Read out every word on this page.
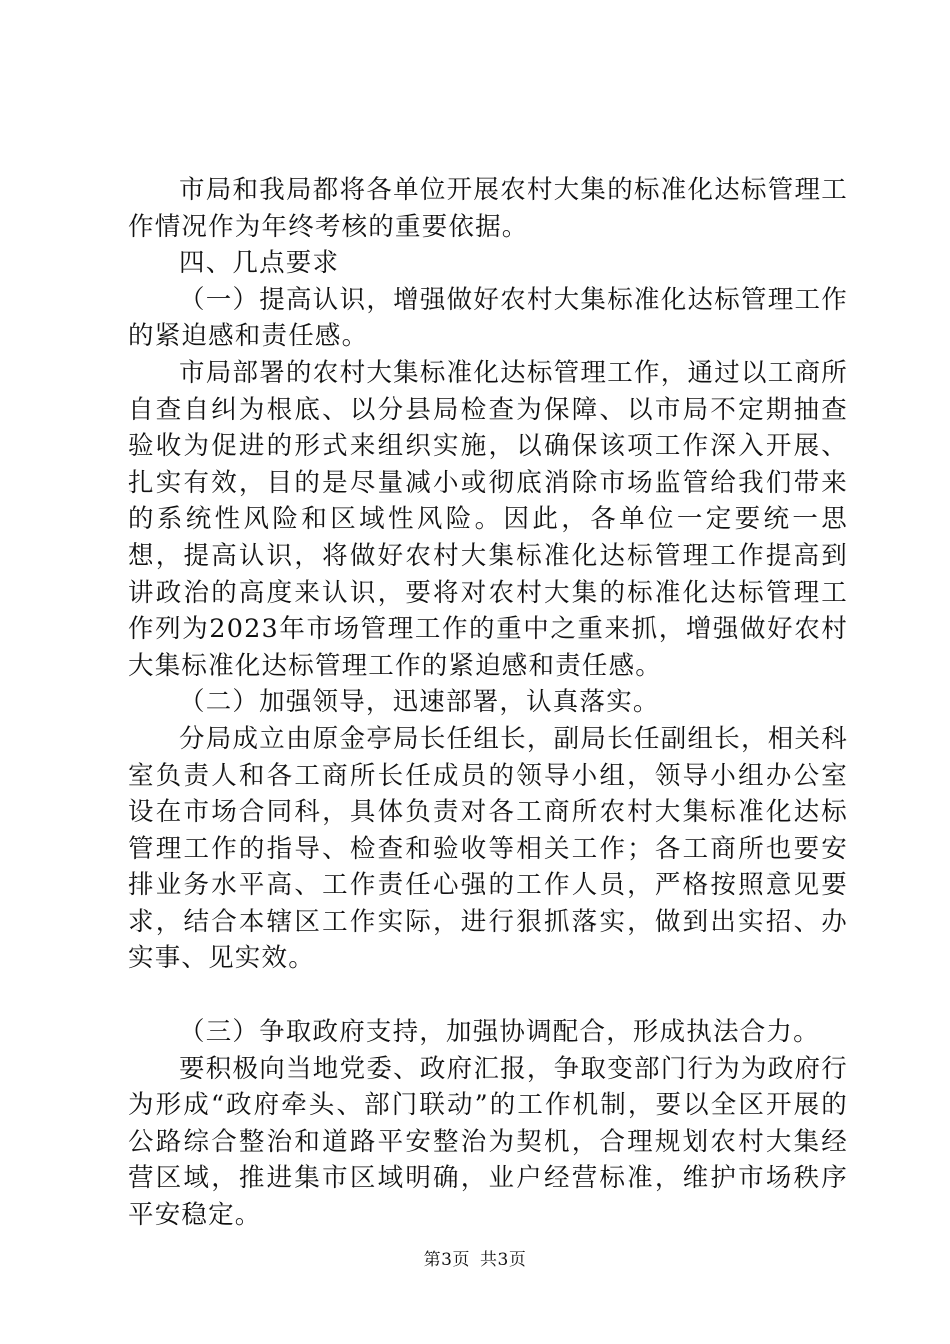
市局和我局都将各单位开展农村大集的标准化达标管理工作情况作为年终考核的重要依据。

四、几点要求

（一）提高认识，增强做好农村大集标准化达标管理工作的紧迫感和责任感。

市局部署的农村大集标准化达标管理工作，通过以工商所自查自纠为根底、以分县局检查为保障、以市局不定期抽查验收为促进的形式来组织实施，以确保该项工作深入开展、扎实有效，目的是尽量减小或彻底消除市场监管给我们带来的系统性风险和区域性风险。因此，各单位一定要统一思想，提高认识，将做好农村大集标准化达标管理工作提高到讲政治的高度来认识，要将对农村大集的标准化达标管理工作列为2023年市场管理工作的重中之重来抓，增强做好农村大集标准化达标管理工作的紧迫感和责任感。

（二）加强领导，迅速部署，认真落实。

分局成立由原金亭局长任组长，副局长任副组长，相关科室负责人和各工商所长任成员的领导小组，领导小组办公室设在市场合同科，具体负责对各工商所农村大集标准化达标管理工作的指导、检查和验收等相关工作；各工商所也要安排业务水平高、工作责任心强的工作人员，严格按照意见要求，结合本辖区工作实际，进行狠抓落实，做到出实招、办实事、见实效。

（三）争取政府支持，加强协调配合，形成执法合力。

要积极向当地党委、政府汇报，争取变部门行为为政府行为形成“政府牵头、部门联动”的工作机制，要以全区开展的公路综合整治和道路平安整治为契机，合理规划农村大集经营区域，推进集市区域明确，业户经营标准，维护市场秩序平安稳定。

第3页 共3页
